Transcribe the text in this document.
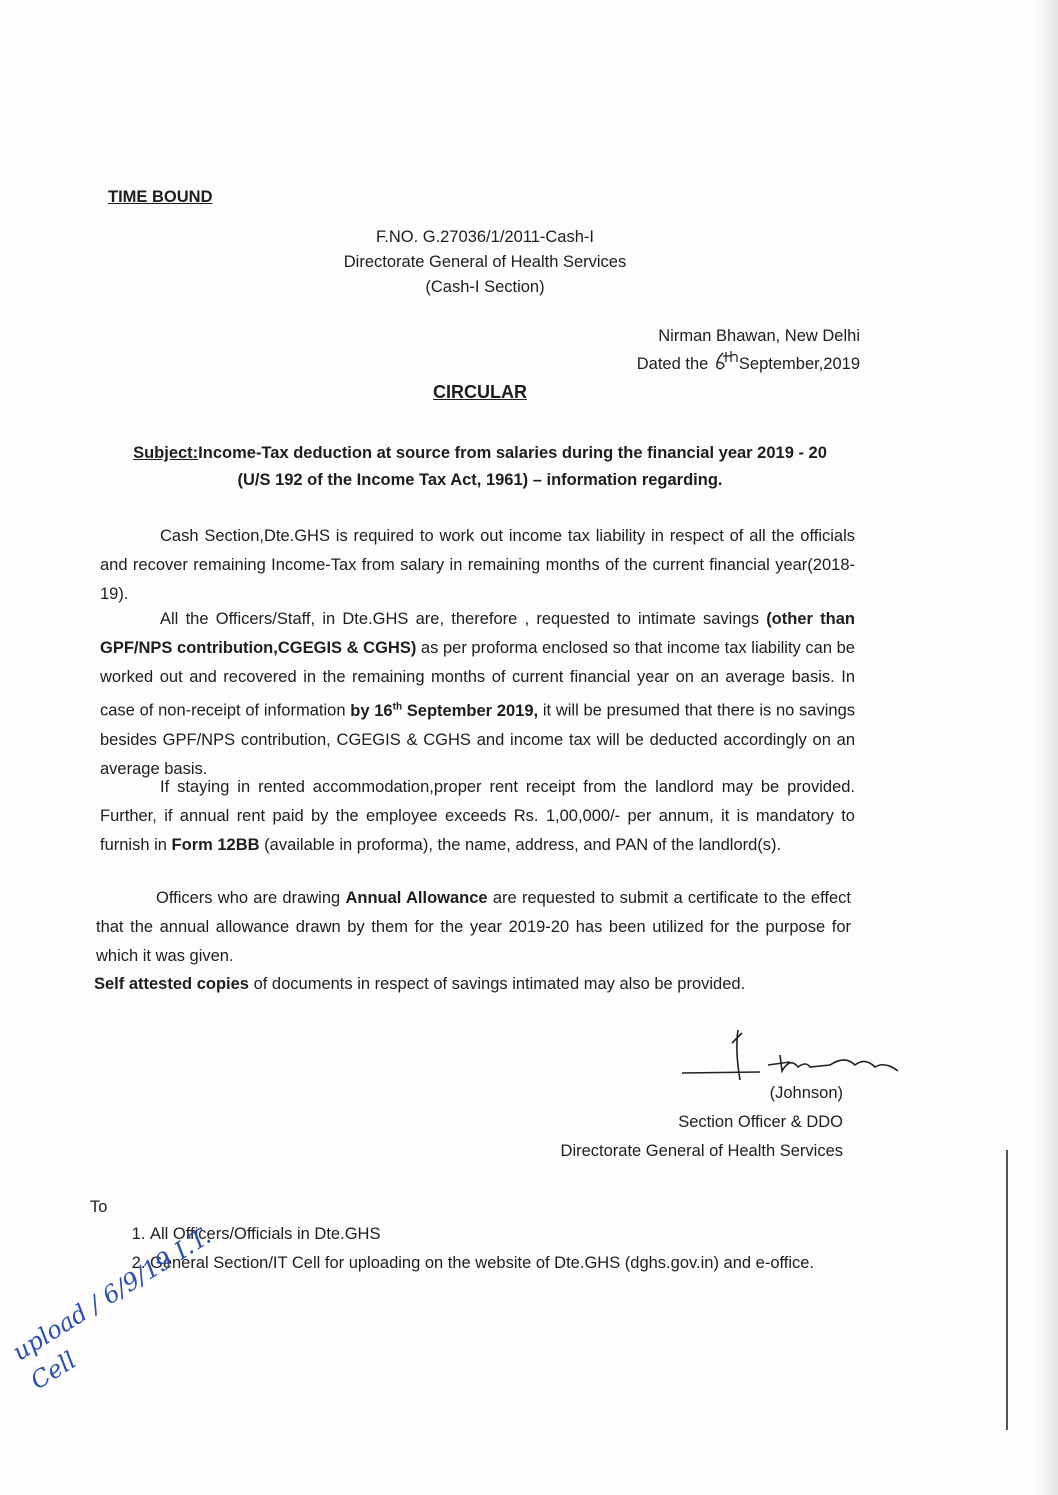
TIME BOUND
F.NO. G.27036/1/2011-Cash-I
Directorate General of Health Services
(Cash-I Section)
Nirman Bhawan, New Delhi
Dated the September,2019
CIRCULAR
Subject:Income-Tax deduction at source from salaries during the financial year 2019 - 20
(U/S 192 of the Income Tax Act, 1961) – information regarding.
Cash Section,Dte.GHS is required to work out income tax liability in respect of all the officials and recover remaining Income-Tax from salary in remaining months of the current financial year(2018-19).
All the Officers/Staff, in Dte.GHS are, therefore , requested to intimate savings (other than GPF/NPS contribution,CGEGIS & CGHS) as per proforma enclosed so that income tax liability can be worked out and recovered in the remaining months of current financial year on an average basis. In case of non-receipt of information by 16th September 2019, it will be presumed that there is no savings besides GPF/NPS contribution, CGEGIS & CGHS and income tax will be deducted accordingly on an average basis.
If staying in rented accommodation,proper rent receipt from the landlord may be provided. Further, if annual rent paid by the employee exceeds Rs. 1,00,000/- per annum, it is mandatory to furnish in Form 12BB (available in proforma), the name, address, and PAN of the landlord(s).
Officers who are drawing Annual Allowance are requested to submit a certificate to the effect that the annual allowance drawn by them for the year 2019-20 has been utilized for the purpose for which it was given.
Self attested copies of documents in respect of savings intimated may also be provided.
(Johnson)
Section Officer & DDO
Directorate General of Health Services
To
1. All Officers/Officials in Dte.GHS
2. General Section/IT Cell for uploading on the website of Dte.GHS (dghs.gov.in) and e-office.
upload / 6/9/19 I.T. Cell
